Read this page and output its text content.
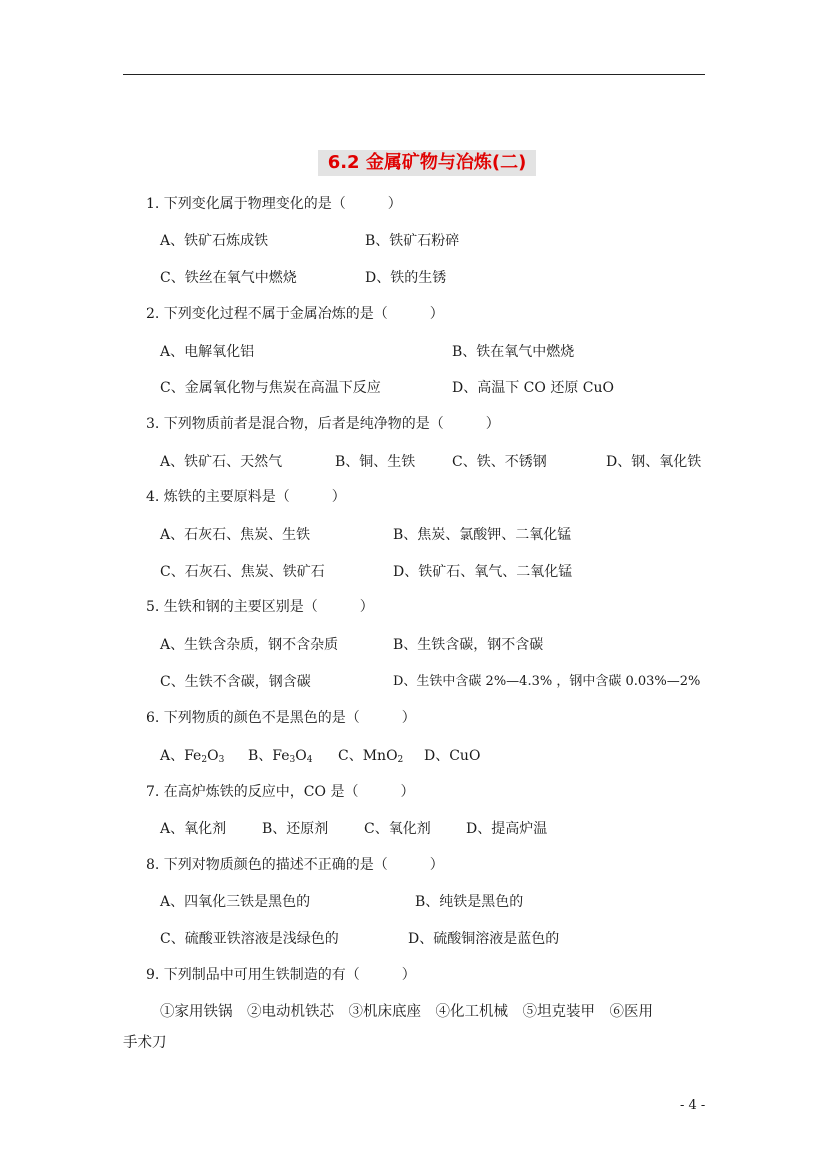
6.2 金属矿物与冶炼(二)
1. 下列变化属于物理变化的是（　　　）
A、铁矿石炼成铁	B、铁矿石粉碎
C、铁丝在氧气中燃烧	D、铁的生锈
2. 下列变化过程不属于金属冶炼的是（　　　）
A、电解氧化铝	B、铁在氧气中燃烧
C、金属氧化物与焦炭在高温下反应	D、高温下 CO 还原 CuO
3. 下列物质前者是混合物，后者是纯净物的是（　　　）
A、铁矿石、天然气	B、铜、生铁	C、铁、不锈钢	D、钢、氧化铁
4. 炼铁的主要原料是（　　　）
A、石灰石、焦炭、生铁	B、焦炭、氯酸钾、二氧化锰
C、石灰石、焦炭、铁矿石	D、铁矿石、氧气、二氧化锰
5. 生铁和钢的主要区别是（　　　）
A、生铁含杂质，钢不含杂质	B、生铁含碳，钢不含碳
C、生铁不含碳，钢含碳	D、生铁中含碳 2%—4.3% ，钢中含碳 0.03%—2%
6. 下列物质的颜色不是黑色的是（　　　）
A、$Fe_2O_3$ B、$Fe_3O_4$ C、MnO$_2$ D、CuO
7. 在高炉炼铁的反应中，CO 是（　　　）
A、氧化剂	B、还原剂	C、氧化剂	D、提高炉温
8. 下列对物质颜色的描述不正确的是（　　　）
A、四氧化三铁是黑色的	B、纯铁是黑色的
C、硫酸亚铁溶液是浅绿色的	D、硫酸铜溶液是蓝色的
9. 下列制品中可用生铁制造的有（　　　）
①家用铁锅　②电动机铁芯　③机床底座　④化工机械　⑤坦克装甲　⑥医用
手术刀
- 4 -
